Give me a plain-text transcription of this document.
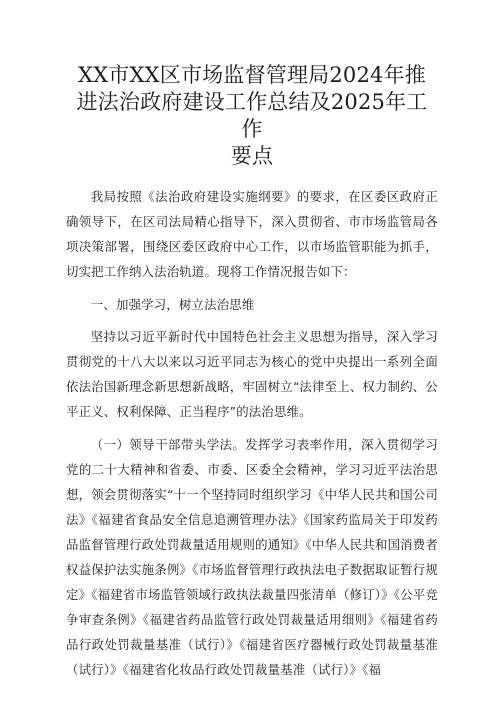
XX市XX区市场监督管理局2024年推
进法治政府建设工作总结及2025年工作
要点

我局按照《法治政府建设实施纲要》的要求，在区委区政府正确领导下，在区司法局精心指导下，深入贯彻省、市市场监管局各项决策部署，围绕区委区政府中心工作，以市场监管职能为抓手，切实把工作纳入法治轨道。现将工作情况报告如下：

一、加强学习，树立法治思维

坚持以习近平新时代中国特色社会主义思想为指导，深入学习贯彻党的十八大以来以习近平同志为核心的党中央提出一系列全面依法治国新理念新思想新战略，牢固树立“法律至上、权力制约、公平正义、权利保障、正当程序”的法治思维。

（一）领导干部带头学法。发挥学习表率作用，深入贯彻学习党的二十大精神和省委、市委、区委全会精神，学习习近平法治思想，领会贯彻落实“十一个坚持同时组织学习《中华人民共和国公司法》《福建省食品安全信息追溯管理办法》《国家药监局关于印发药品监督管理行政处罚裁量适用规则的通知》《中华人民共和国消费者权益保护法实施条例》《市场监督管理行政执法电子数据取证暂行规定》《福建省市场监管领域行政执法裁量四张清单（修订）》《公平竞争审查条例》《福建省药品监管行政处罚裁量适用细则》《福建省药品行政处罚裁量基准（试行）》《福建省医疗器械行政处罚裁量基准（试行）》《福建省化妆品行政处罚裁量基准（试行）》《福
